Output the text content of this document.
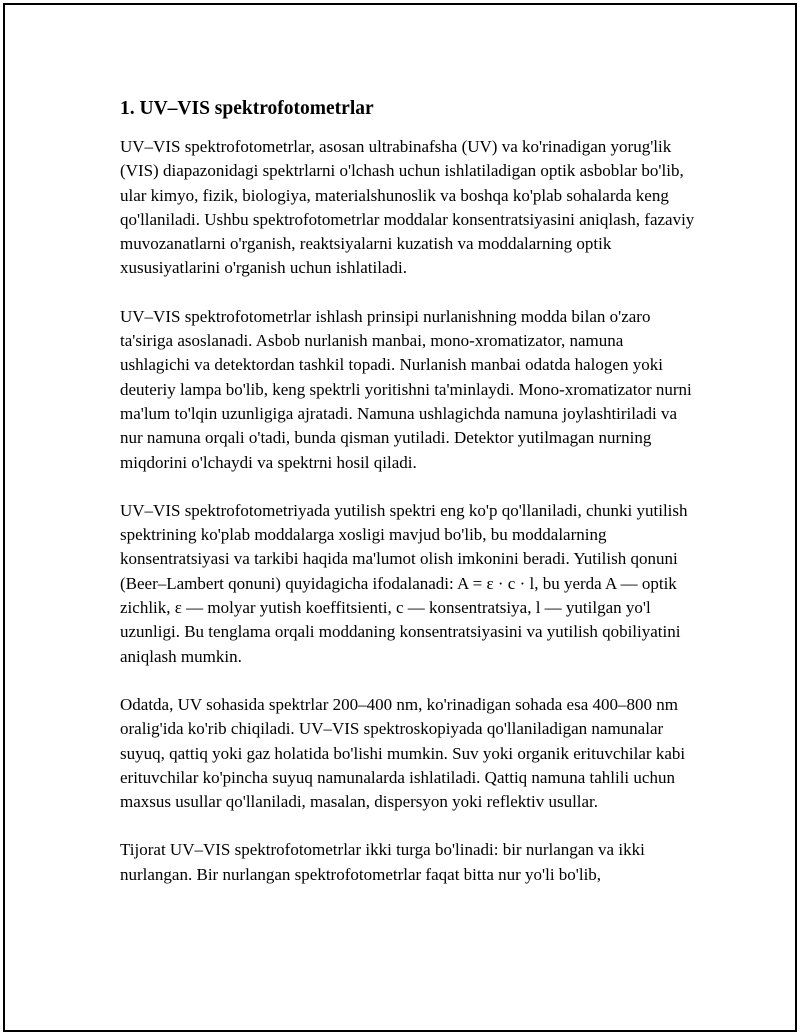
1. UV–VIS spektrofotometrlar

UV–VIS spektrofotometrlar, asosan ultrabinafsha (UV) va ko'rinadigan yorug'lik (VIS) diapazonidagi spektrlarni o'lchash uchun ishlatiladigan optik asboblar bo'lib, ular kimyo, fizik, biologiya, materialshunoslik va boshqa ko'plab sohalarda keng qo'llaniladi. Ushbu spektrofotometrlar moddalar konsentratsiyasini aniqlash, fazaviy muvozanatlarni o'rganish, reaktsiyalarni kuzatish va moddalarning optik xususiyatlarini o'rganish uchun ishlatiladi.

UV–VIS spektrofotometrlar ishlash prinsipi nurlanishning modda bilan o'zaro ta'siriga asoslanadi. Asbob nurlanish manbai, mono-xromatizator, namuna ushlagichi va detektordan tashkil topadi. Nurlanish manbai odatda halogen yoki deuteriy lampa bo'lib, keng spektrli yoritishni ta'minlaydi. Mono-xromatizator nurni ma'lum to'lqin uzunligiga ajratadi. Namuna ushlagichda namuna joylashtiriladi va nur namuna orqali o'tadi, bunda qisman yutiladi. Detektor yutilmagan nurning miqdorini o'lchaydi va spektrni hosil qiladi.

UV–VIS spektrofotometriyada yutilish spektri eng ko'p qo'llaniladi, chunki yutilish spektrining ko'plab moddalarga xosligi mavjud bo'lib, bu moddalarning konsentratsiyasi va tarkibi haqida ma'lumot olish imkonini beradi. Yutilish qonuni (Beer–Lambert qonuni) quyidagicha ifodalanadi: A = ε · c · l, bu yerda A — optik zichlik, ε — molyar yutish koeffitsienti, c — konsentratsiya, l — yutilgan yo'l uzunligi. Bu tenglama orqali moddaning konsentratsiyasini va yutilish qobiliyatini aniqlash mumkin.

Odatda, UV sohasida spektrlar 200–400 nm, ko'rinadigan sohada esa 400–800 nm oralig'ida ko'rib chiqiladi. UV–VIS spektroskopiyada qo'llaniladigan namunalar suyuq, qattiq yoki gaz holatida bo'lishi mumkin. Suv yoki organik erituvchilar kabi erituvchilar ko'pincha suyuq namunalarda ishlatiladi. Qattiq namuna tahlili uchun maxsus usullar qo'llaniladi, masalan, dispersyon yoki reflektiv usullar.

Tijorat UV–VIS spektrofotometrlar ikki turga bo'linadi: bir nurlangan va ikki nurlangan. Bir nurlangan spektrofotometrlar faqat bitta nur yo'li bo'lib,
